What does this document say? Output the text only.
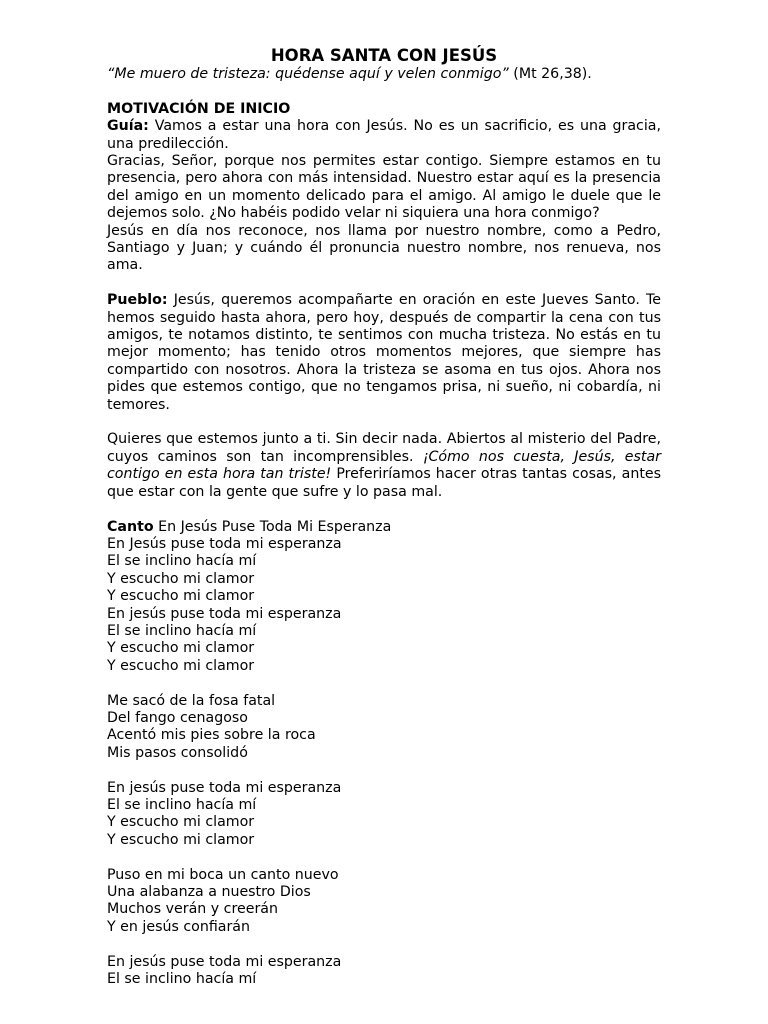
HORA SANTA CON JESÚS

“Me muero de tristeza: quédense aquí y velen conmigo” (Mt 26,38).

MOTIVACIÓN DE INICIO

Guía: Vamos a estar una hora con Jesús. No es un sacrificio, es una gracia, una predilección.

Gracias, Señor, porque nos permites estar contigo. Siempre estamos en tu presencia, pero ahora con más intensidad. Nuestro estar aquí es la presencia del amigo en un momento delicado para el amigo. Al amigo le duele que le dejemos solo. ¿No habéis podido velar ni siquiera una hora conmigo?

Jesús en día nos reconoce, nos llama por nuestro nombre, como a Pedro, Santiago y Juan; y cuándo él pronuncia nuestro nombre, nos renueva, nos ama.

Pueblo: Jesús, queremos acompañarte en oración en este Jueves Santo. Te hemos seguido hasta ahora, pero hoy, después de compartir la cena con tus amigos, te notamos distinto, te sentimos con mucha tristeza. No estás en tu mejor momento; has tenido otros momentos mejores, que siempre has compartido con nosotros. Ahora la tristeza se asoma en tus ojos. Ahora nos pides que estemos contigo, que no tengamos prisa, ni sueño, ni cobardía, ni temores.

Quieres que estemos junto a ti. Sin decir nada. Abiertos al misterio del Padre, cuyos caminos son tan incomprensibles. ¡Cómo nos cuesta, Jesús, estar contigo en esta hora tan triste! Preferiríamos hacer otras tantas cosas, antes que estar con la gente que sufre y lo pasa mal.

Canto En Jesús Puse Toda Mi Esperanza

En Jesús puse toda mi esperanza
El se inclino hacía mí
Y escucho mi clamor
Y escucho mi clamor
En jesús puse toda mi esperanza
El se inclino hacía mí
Y escucho mi clamor
Y escucho mi clamor
Me sacó de la fosa fatal
Del fango cenagoso
Acentó mis pies sobre la roca
Mis pasos consolidó
En jesús puse toda mi esperanza
El se inclino hacía mí
Y escucho mi clamor
Y escucho mi clamor
Puso en mi boca un canto nuevo
Una alabanza a nuestro Dios
Muchos verán y creerán
Y en jesús confiarán
En jesús puse toda mi esperanza
El se inclino hacía mí
